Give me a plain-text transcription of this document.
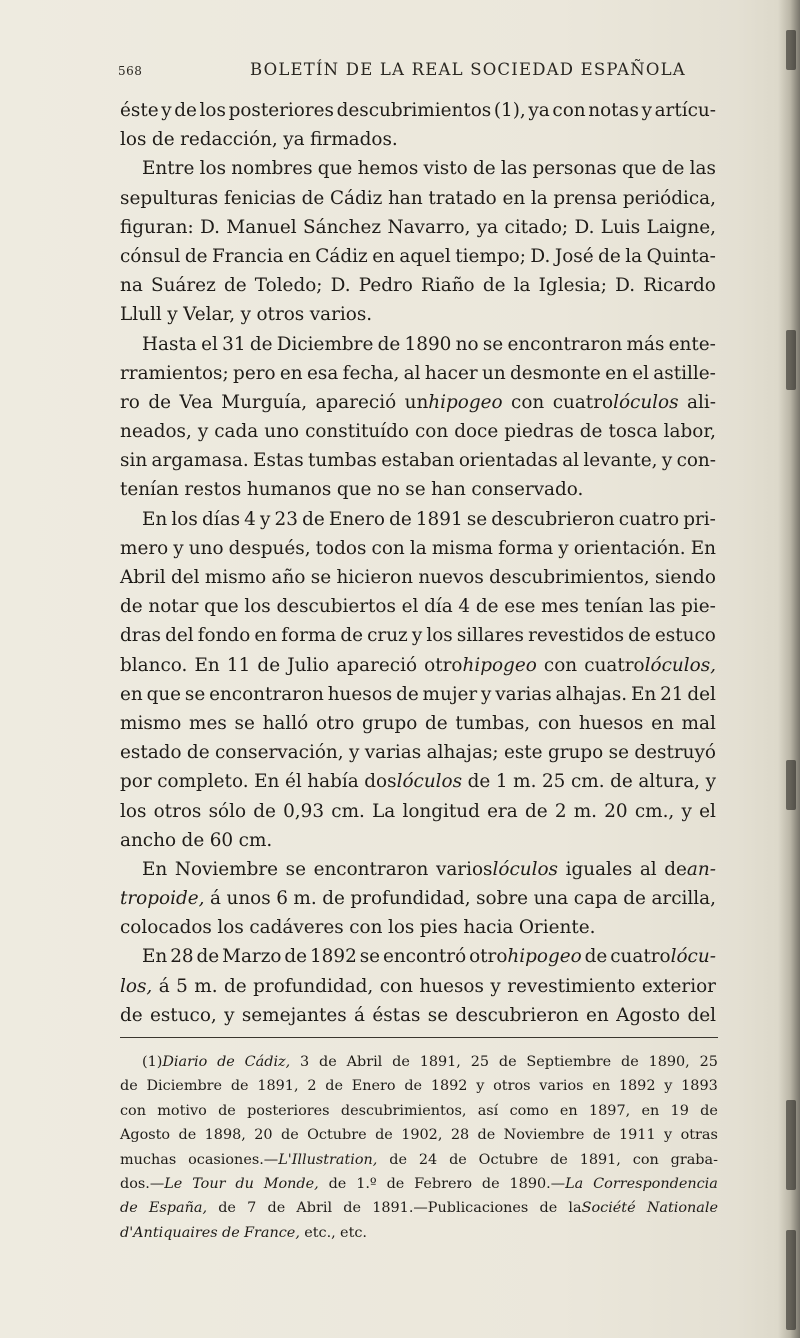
568	BOLETÍN DE LA REAL SOCIEDAD ESPAÑOLA
éste y de los posteriores descubrimientos (1), ya con notas y artícu-
los de redacción, ya firmados.
Entre los nombres que hemos visto de las personas que de las
sepulturas fenicias de Cádiz han tratado en la prensa periódica,
figuran: D. Manuel Sánchez Navarro, ya citado; D. Luis Laigne,
cónsul de Francia en Cádiz en aquel tiempo; D. José de la Quinta-
na Suárez de Toledo; D. Pedro Riaño de la Iglesia; D. Ricardo
Llull y Velar, y otros varios.
Hasta el 31 de Diciembre de 1890 no se encontraron más ente-
rramientos; pero en esa fecha, al hacer un desmonte en el astille-
ro de Vea Murguía, apareció unhipogeo con cuatrolóculos ali-
neados, y cada uno constituído con doce piedras de tosca labor,
sin argamasa. Estas tumbas estaban orientadas al levante, y con-
tenían restos humanos que no se han conservado.
En los días 4 y 23 de Enero de 1891 se descubrieron cuatro pri-
mero y uno después, todos con la misma forma y orientación. En
Abril del mismo año se hicieron nuevos descubrimientos, siendo
de notar que los descubiertos el día 4 de ese mes tenían las pie-
dras del fondo en forma de cruz y los sillares revestidos de estuco
blanco. En 11 de Julio apareció otrohipogeo con cuatrolóculos,
en que se encontraron huesos de mujer y varias alhajas. En 21 del
mismo mes se halló otro grupo de tumbas, con huesos en mal
estado de conservación, y varias alhajas; este grupo se destruyó
por completo. En él había doslóculos de 1 m. 25 cm. de altura, y
los otros sólo de 0,93 cm. La longitud era de 2 m. 20 cm., y el
ancho de 60 cm.
En Noviembre se encontraron varioslóculos iguales al dean-
tropoide, á unos 6 m. de profundidad, sobre una capa de arcilla,
colocados los cadáveres con los pies hacia Oriente.
En 28 de Marzo de 1892 se encontró otrohipogeo de cuatrolócu-
los, á 5 m. de profundidad, con huesos y revestimiento exterior
de estuco, y semejantes á éstas se descubrieron en Agosto del
(1)Diario de Cádiz, 3 de Abril de 1891, 25 de Septiembre de 1890, 25
de Diciembre de 1891, 2 de Enero de 1892 y otros varios en 1892 y 1893
con motivo de posteriores descubrimientos, así como en 1897, en 19 de
Agosto de 1898, 20 de Octubre de 1902, 28 de Noviembre de 1911 y otras
muchas ocasiones.—L'Illustration, de 24 de Octubre de 1891, con graba-
dos.—Le Tour du Monde, de 1.º de Febrero de 1890.—La Correspondencia
de España, de 7 de Abril de 1891.—Publicaciones de laSociété Nationale
d'Antiquaires de France, etc., etc.
